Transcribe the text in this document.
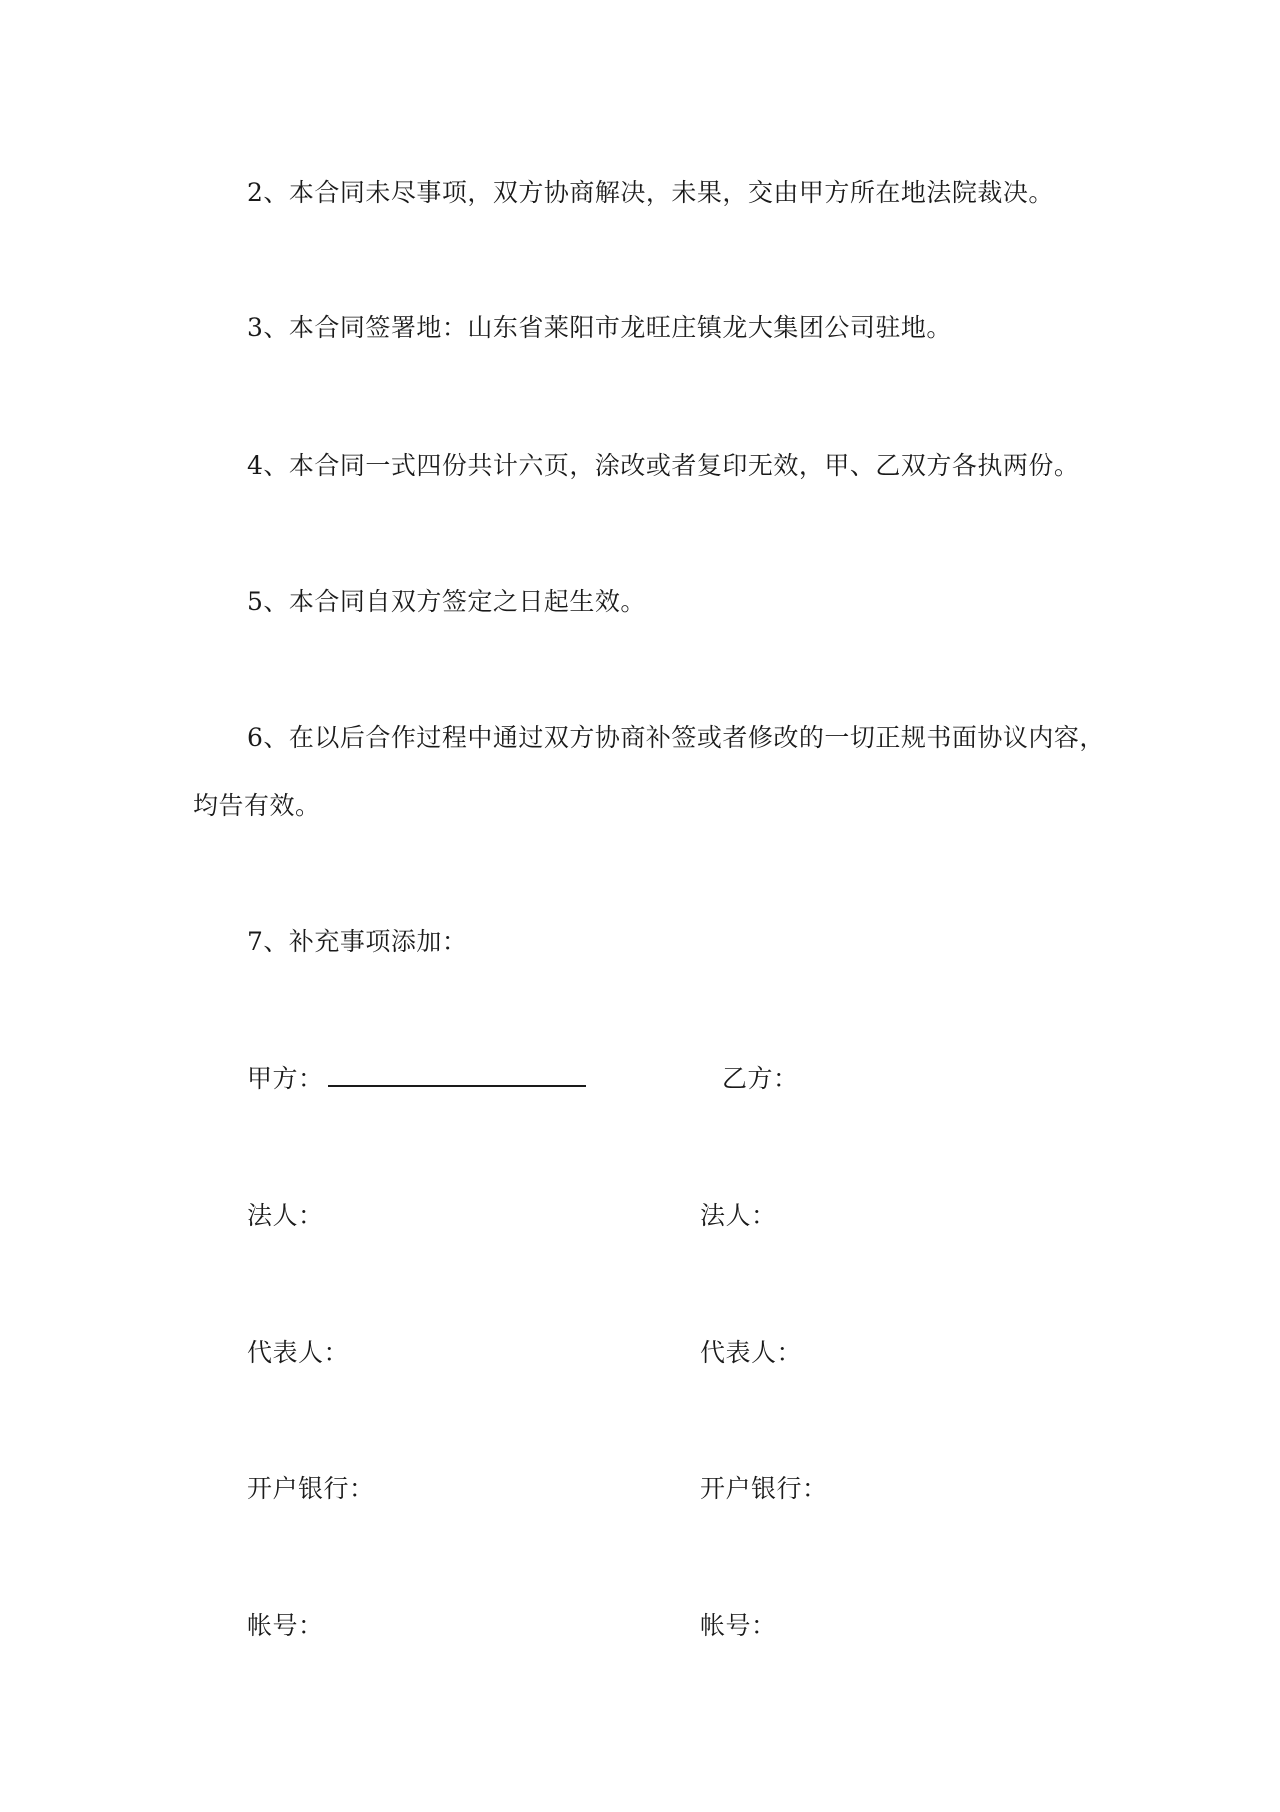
2、本合同未尽事项，双方协商解决，未果，交由甲方所在地法院裁决。
3、本合同签署地：山东省莱阳市龙旺庄镇龙大集团公司驻地。
4、本合同一式四份共计六页，涂改或者复印无效，甲、乙双方各执两份。
5、本合同自双方签定之日起生效。
6、在以后合作过程中通过双方协商补签或者修改的一切正规书面协议内容，
均告有效。
7、补充事项添加：
甲方：	乙方：
法人：	法人：
代表人：	代表人：
开户银行：	开户银行：
帐号：	帐号：
